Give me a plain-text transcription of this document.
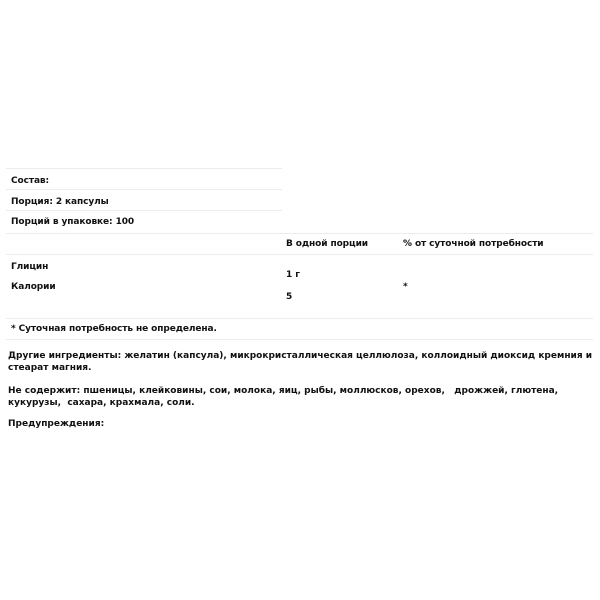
Состав:
Порция: 2 капсулы
Порций в упаковке: 100
В одной порции	% от суточной потребности
Глицин
Калории
1 г
5
*
* Суточная потребность не определена.
Другие ингредиенты: желатин (капсула), микрокристаллическая целлюлоза, коллоидный диоксид кремния и стеарат магния.
Не содержит: пшеницы, клейковины, сои, молока, яиц, рыбы, моллюсков, орехов,   дрожжей, глютена, кукурузы,  сахара, крахмала, соли.
Предупреждения:
